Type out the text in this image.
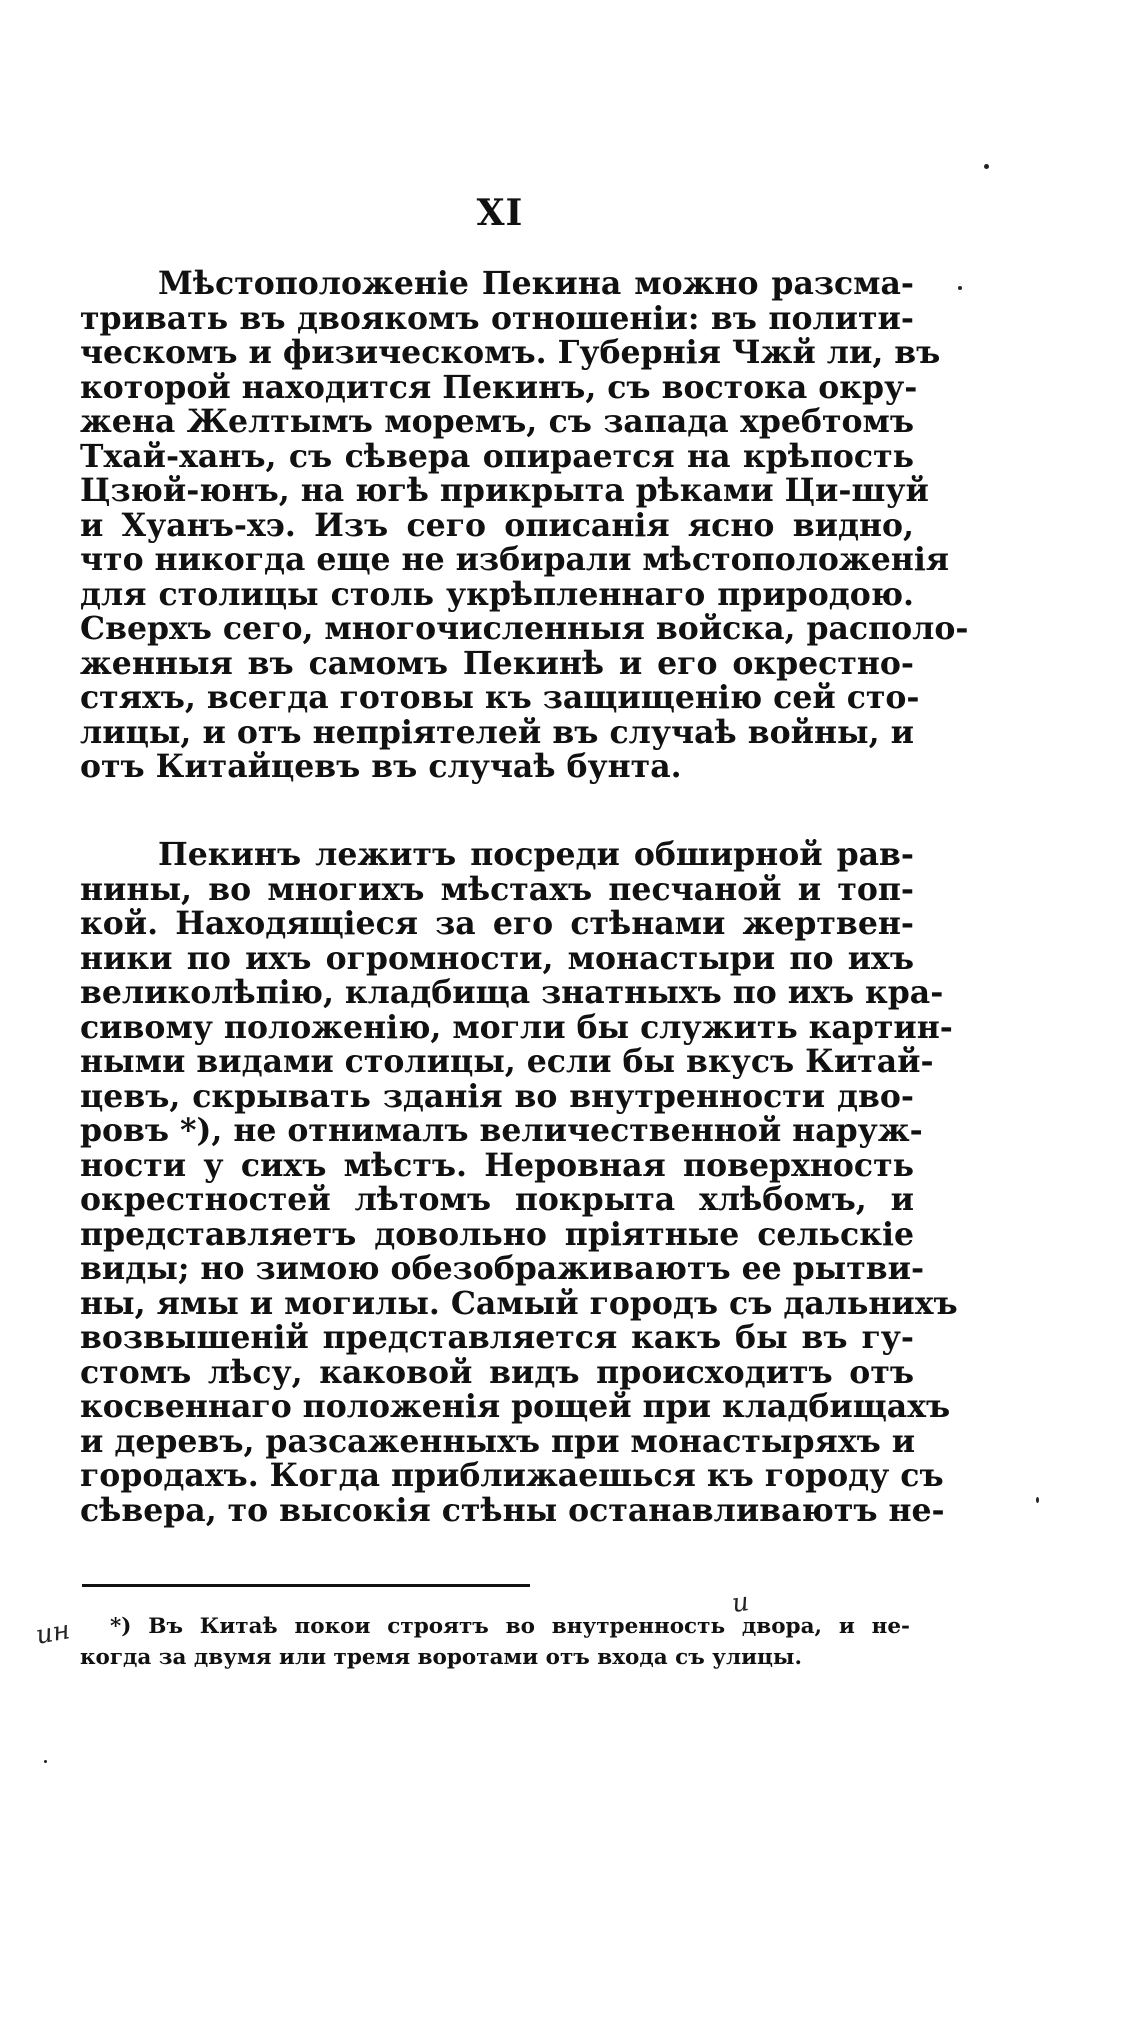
XI
Мѣстоположенie Пекина можно разсма-
тривать въ двоякомъ отношенiи: въ полити-
ческомъ и физическомъ. Губернiя Чжй ли, въ
которой находится Пекинъ, съ востока окру-
жена Желтымъ моремъ, съ запада хребтомъ
Тхай-ханъ, съ сѣвера опирается на крѣпость
Цзюй-юнъ, на югѣ прикрыта рѣками Ци-шуй
и Хуанъ-хэ. Изъ сего описанiя ясно видно,
что никогда еще не избирали мѣстоположенiя
для столицы столь укрѣпленнаго природою.
Сверхъ сего, многочисленныя войска, располо-
женныя въ самомъ Пекинѣ и его окрестно-
стяхъ, всегда готовы къ защищенiю сей сто-
лицы, и отъ непрiятелей въ случаѣ войны, и
отъ Китайцевъ въ случаѣ бунта.
Пекинъ лежитъ посреди обширной рав-
нины, во многихъ мѣстахъ песчаной и топ-
кой. Находящiеся за его стѣнами жертвен-
ники по ихъ огромности, монастыри по ихъ
великолѣпiю, кладбища знатныхъ по ихъ кра-
сивому положенiю, могли бы служить картин-
ными видами столицы, если бы вкусъ Китай-
цевъ, скрывать зданiя во внутренности дво-
ровъ *), не отнималъ величественной наруж-
ности у сихъ мѣстъ. Неровная поверхность
окрестностей лѣтомъ покрыта хлѣбомъ, и
представляетъ довольно прiятные сельскiе
виды; но зимою обезображиваютъ ее рытви-
ны, ямы и могилы. Самый городъ съ дальнихъ
возвышенiй представляется какъ бы въ гу-
стомъ лѣсу, каковой видъ происходитъ отъ
косвеннаго положенiя рощей при кладбищахъ
и деревъ, разсаженныхъ при монастыряхъ и
городахъ. Когда приближаешься къ городу съ
сѣвера, то высокiя стѣны останавливаютъ не-
*) Въ Китаѣ покои строятъ во внутренность двора, и не-
когда за двумя или тремя воротами отъ входа съ улицы.
ин
и
